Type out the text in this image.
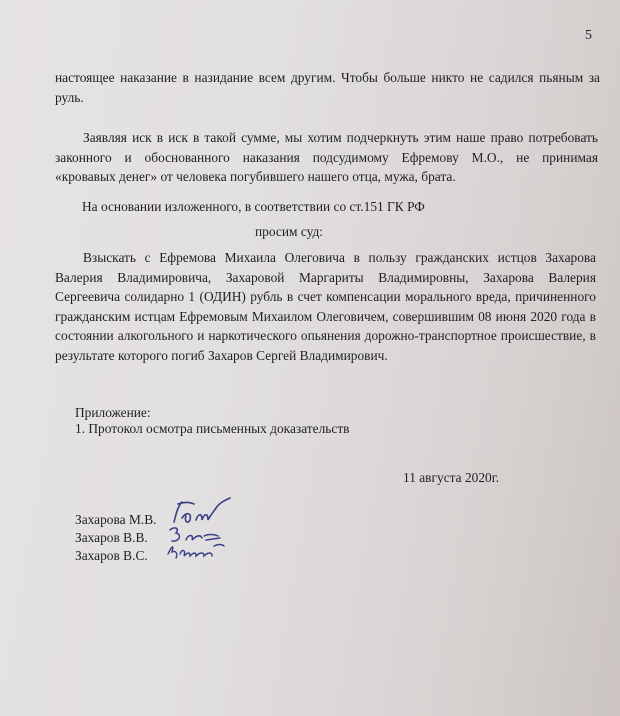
5
настоящее наказание в назидание всем другим. Чтобы больше никто не садился пьяным за
руль.
Заявляя иск в иск в такой сумме, мы хотим подчеркнуть этим наше право потребовать
законного и обоснованного наказания подсудимому Ефремову М.О., не принимая
«кровавых денег» от человека погубившего нашего отца, мужа, брата.
На основании изложенного, в соответствии со ст.151 ГК РФ
просим суд:
Взыскать с Ефремова Михаила Олеговича в пользу гражданских истцов Захарова
Валерия Владимировича, Захаровой Маргариты Владимировны, Захарова Валерия
Сергеевича солидарно 1 (ОДИН) рубль в счет компенсации морального вреда, причиненного
гражданским истцам Ефремовым Михаилом Олеговичем, совершившим 08 июня 2020 года в
состоянии алкогольного и наркотического опьянения дорожно-транспортное происшествие, в
результате которого погиб Захаров Сергей Владимирович.
Приложение:
1. Протокол осмотра письменных доказательств
11 августа 2020г.
Захарова М.В.
Захаров В.В.
Захаров В.С.
